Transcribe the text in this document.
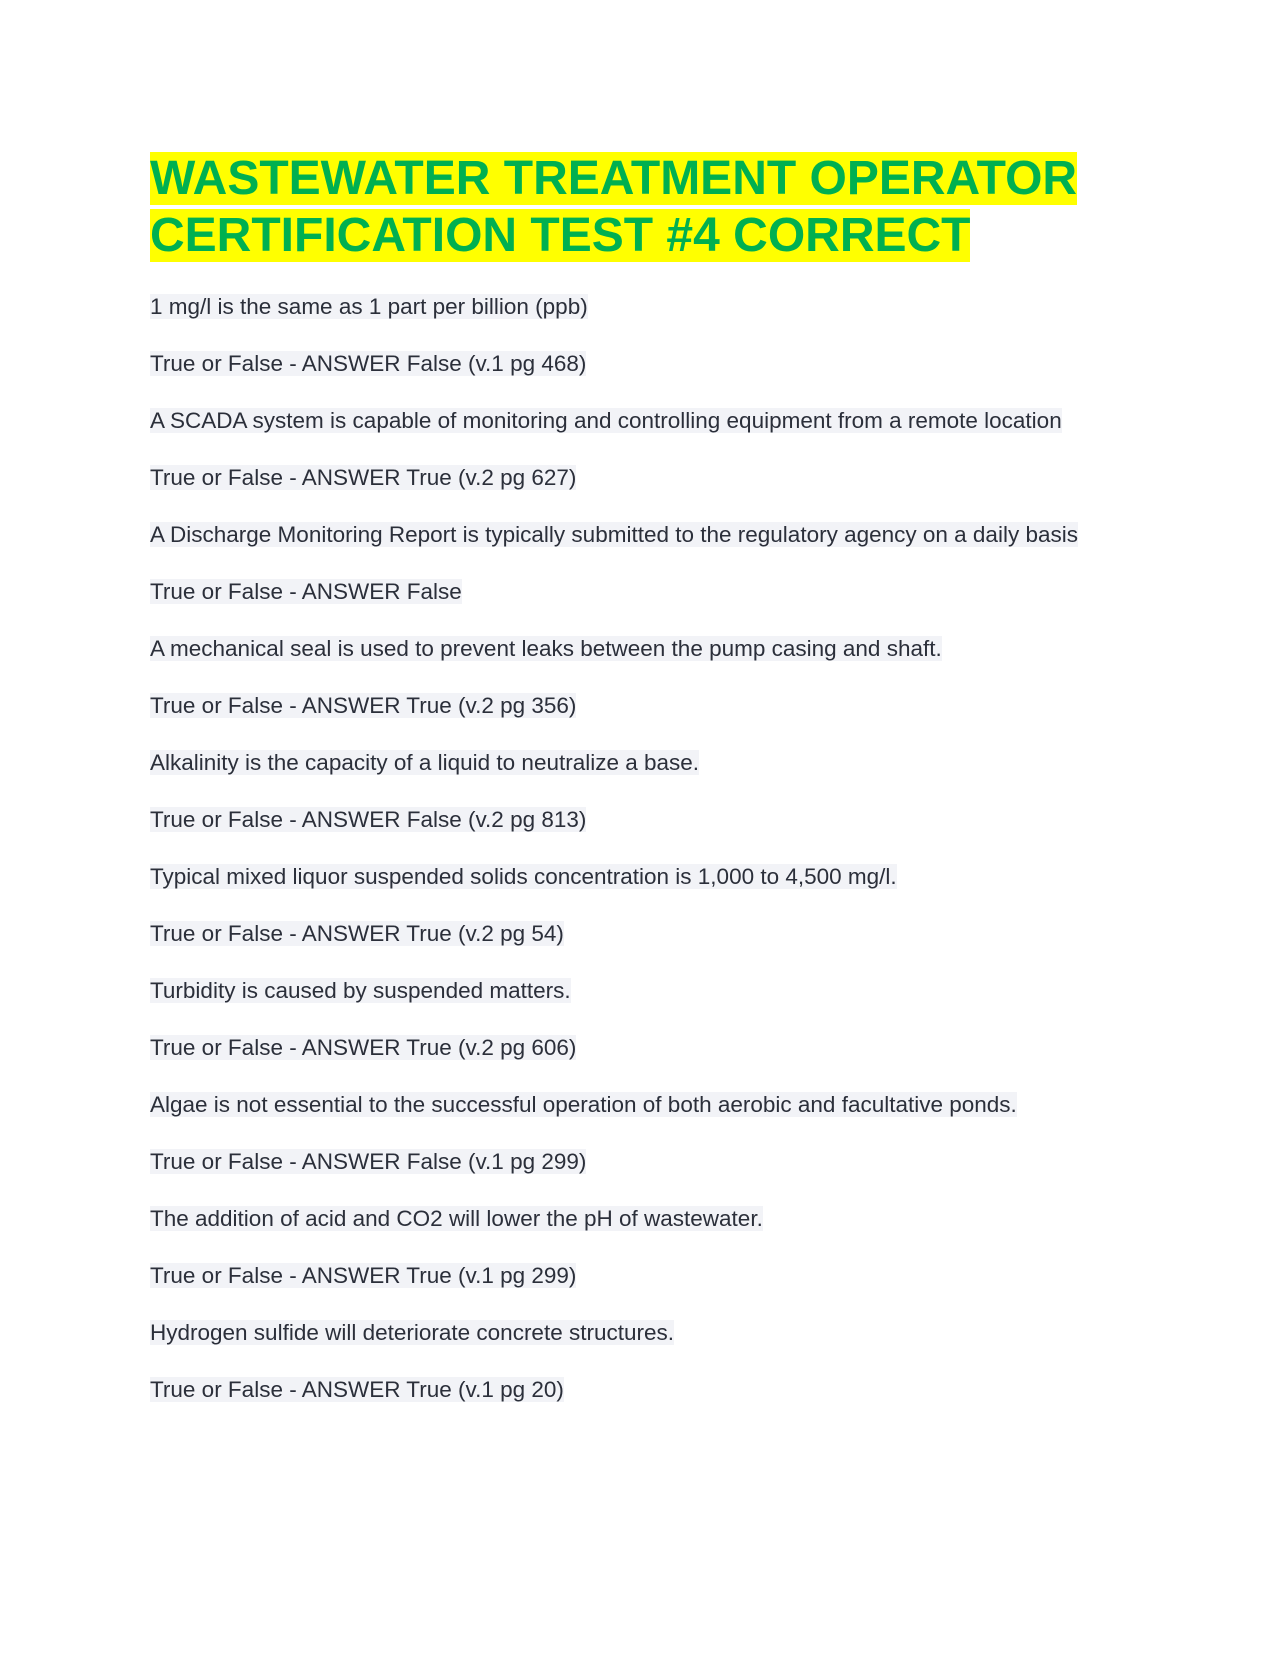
WASTEWATER TREATMENT OPERATOR
CERTIFICATION TEST #4 CORRECT

1 mg/l is the same as 1 part per billion (ppb)

True or False - ANSWER False (v.1 pg 468)

A SCADA system is capable of monitoring and controlling equipment from a remote location

True or False - ANSWER True (v.2 pg 627)

A Discharge Monitoring Report is typically submitted to the regulatory agency on a daily basis

True or False - ANSWER False

A mechanical seal is used to prevent leaks between the pump casing and shaft.

True or False - ANSWER True (v.2 pg 356)

Alkalinity is the capacity of a liquid to neutralize a base.

True or False - ANSWER False (v.2 pg 813)

Typical mixed liquor suspended solids concentration is 1,000 to 4,500 mg/l.

True or False - ANSWER True (v.2 pg 54)

Turbidity is caused by suspended matters.

True or False - ANSWER True (v.2 pg 606)

Algae is not essential to the successful operation of both aerobic and facultative ponds.

True or False - ANSWER False (v.1 pg 299)

The addition of acid and CO2 will lower the pH of wastewater.

True or False - ANSWER True (v.1 pg 299)

Hydrogen sulfide will deteriorate concrete structures.

True or False - ANSWER True (v.1 pg 20)
